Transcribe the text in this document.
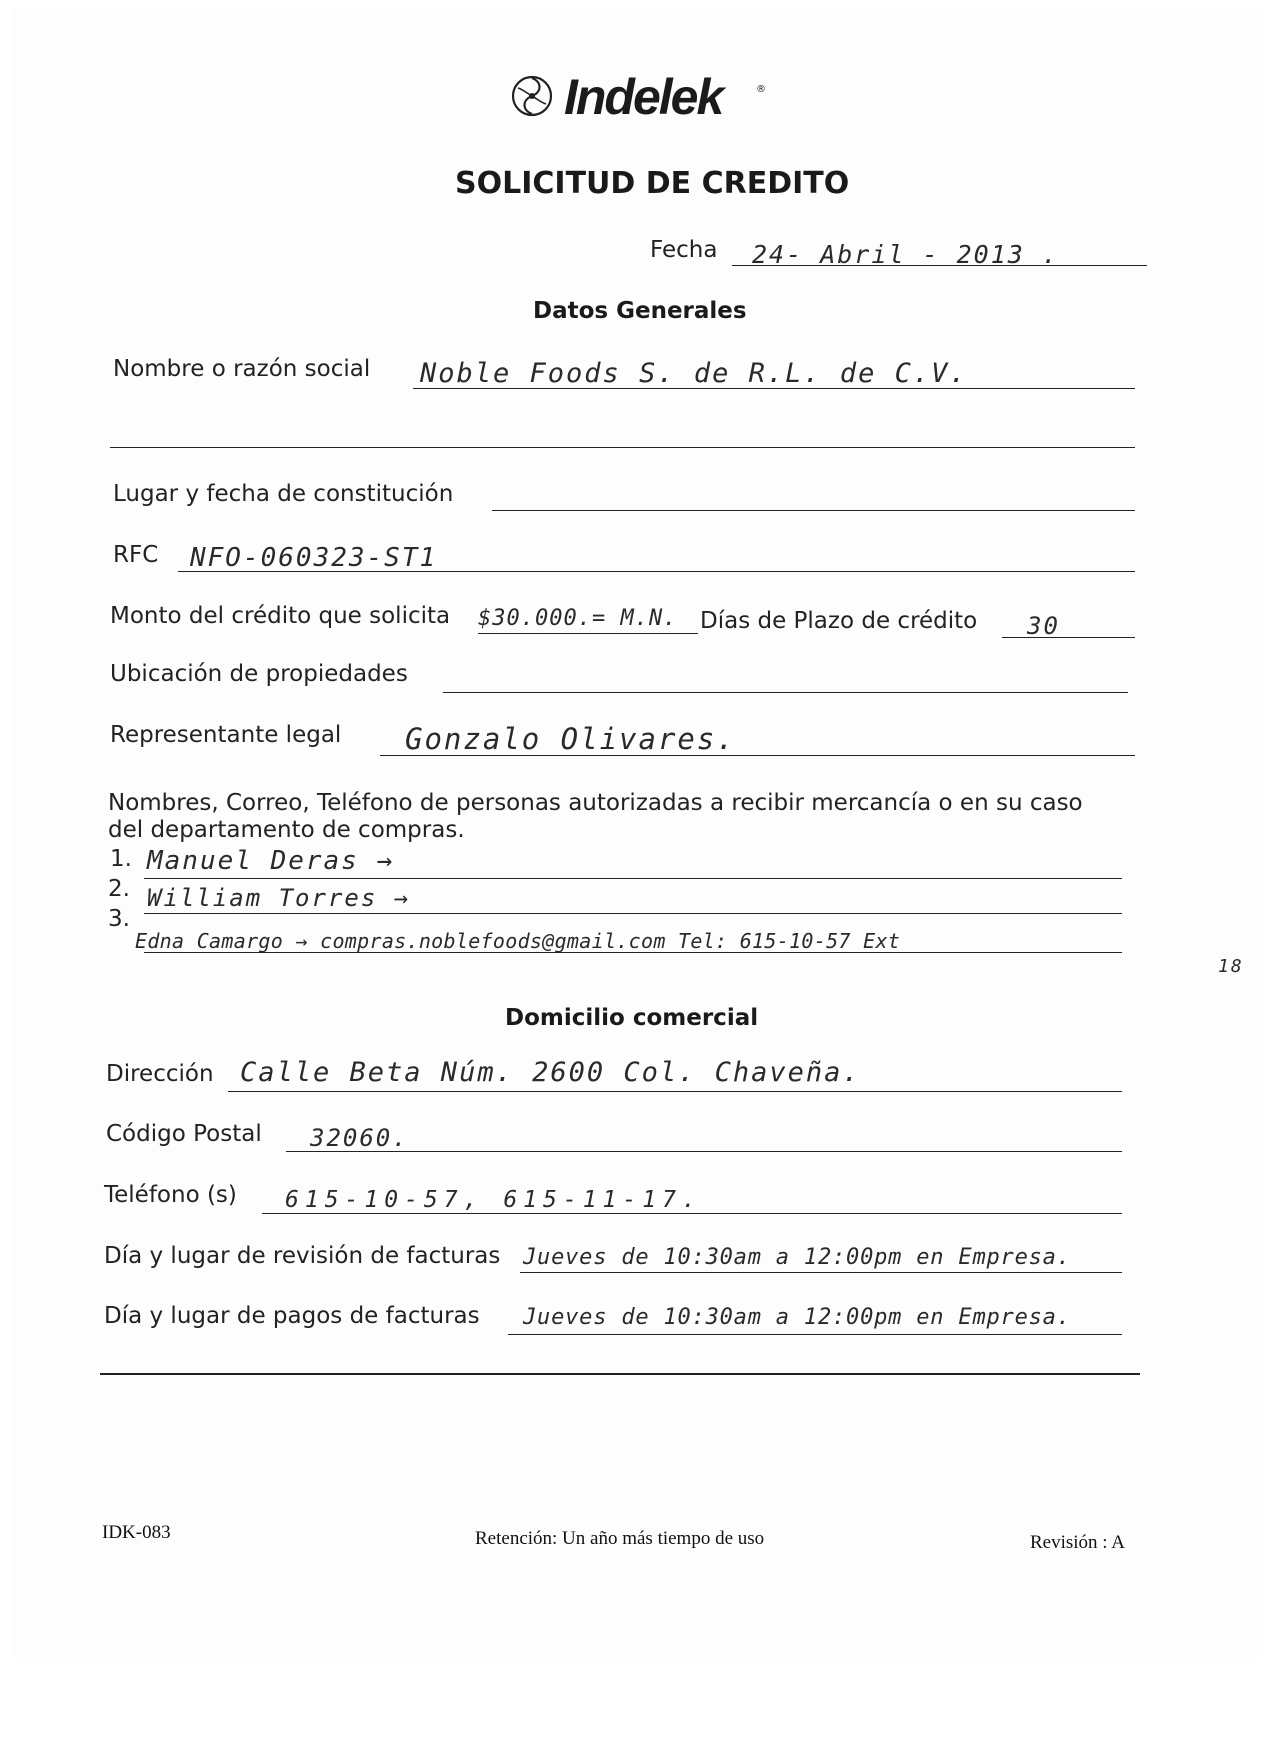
Indelek	®
SOLICITUD DE CREDITO
Fecha 24- Abril - 2013 .
Datos Generales
Nombre o razón social Noble Foods S. de R.L. de C.V.
Lugar y fecha de constitución
RFC NFO-060323-ST1
Monto del crédito que solicita $30.000.= M.N. Días de Plazo de crédito 30
Ubicación de propiedades
Representante legal Gonzalo Olivares.
Nombres, Correo, Teléfono de personas autorizadas a recibir mercancía o en su caso
del departamento de compras.
1. Manuel Deras →
2. William Torres →
3.
Edna Camargo → compras.noblefoods@gmail.com Tel: 615-10-57 Ext
18
Domicilio comercial
Dirección Calle Beta Núm. 2600 Col. Chaveña.
Código Postal 32060.
Teléfono (s) 615-10-57, 615-11-17.
Día y lugar de revisión de facturas Jueves de 10:30am a 12:00pm en Empresa.
Día y lugar de pagos de facturas Jueves de 10:30am a 12:00pm en Empresa.
IDK-083	Retención: Un año más tiempo de uso	Revisión : A
